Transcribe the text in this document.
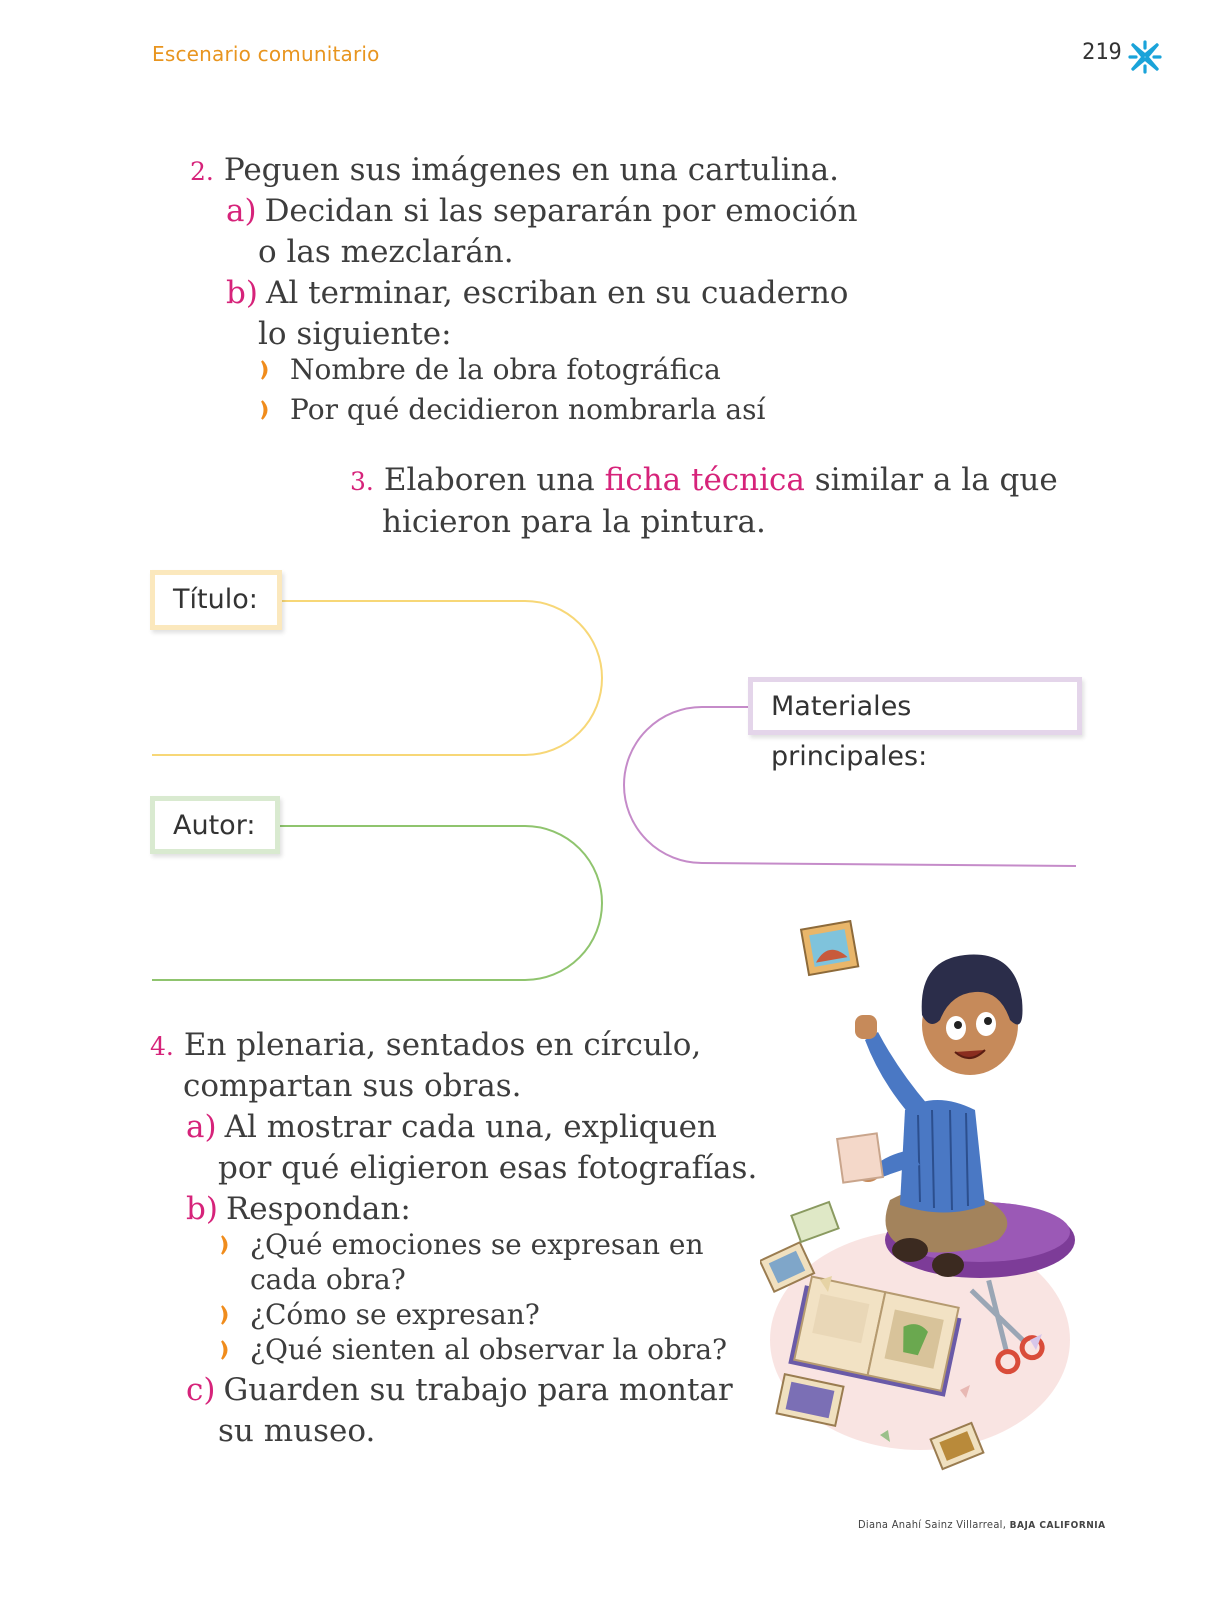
Escenario comunitario	219
2. Peguen sus imágenes en una cartulina.
a) Decidan si las separarán por emoción
o las mezclarán.
b) Al terminar, escriban en su cuaderno
lo siguiente:
Nombre de la obra fotográfica
Por qué decidieron nombrarla así
3. Elaboren una ficha técnica similar a la que
hicieron para la pintura.
Título:
Autor:
Materiales principales:
4. En plenaria, sentados en círculo,
compartan sus obras.
a) Al mostrar cada una, expliquen
por qué eligieron esas fotografías.
b) Respondan:
¿Qué emociones se expresan en
cada obra?
¿Cómo se expresan?
¿Qué sienten al observar la obra?
c) Guarden su trabajo para montar
su museo.
Diana Anahí Sainz Villarreal, BAJA CALIFORNIA
